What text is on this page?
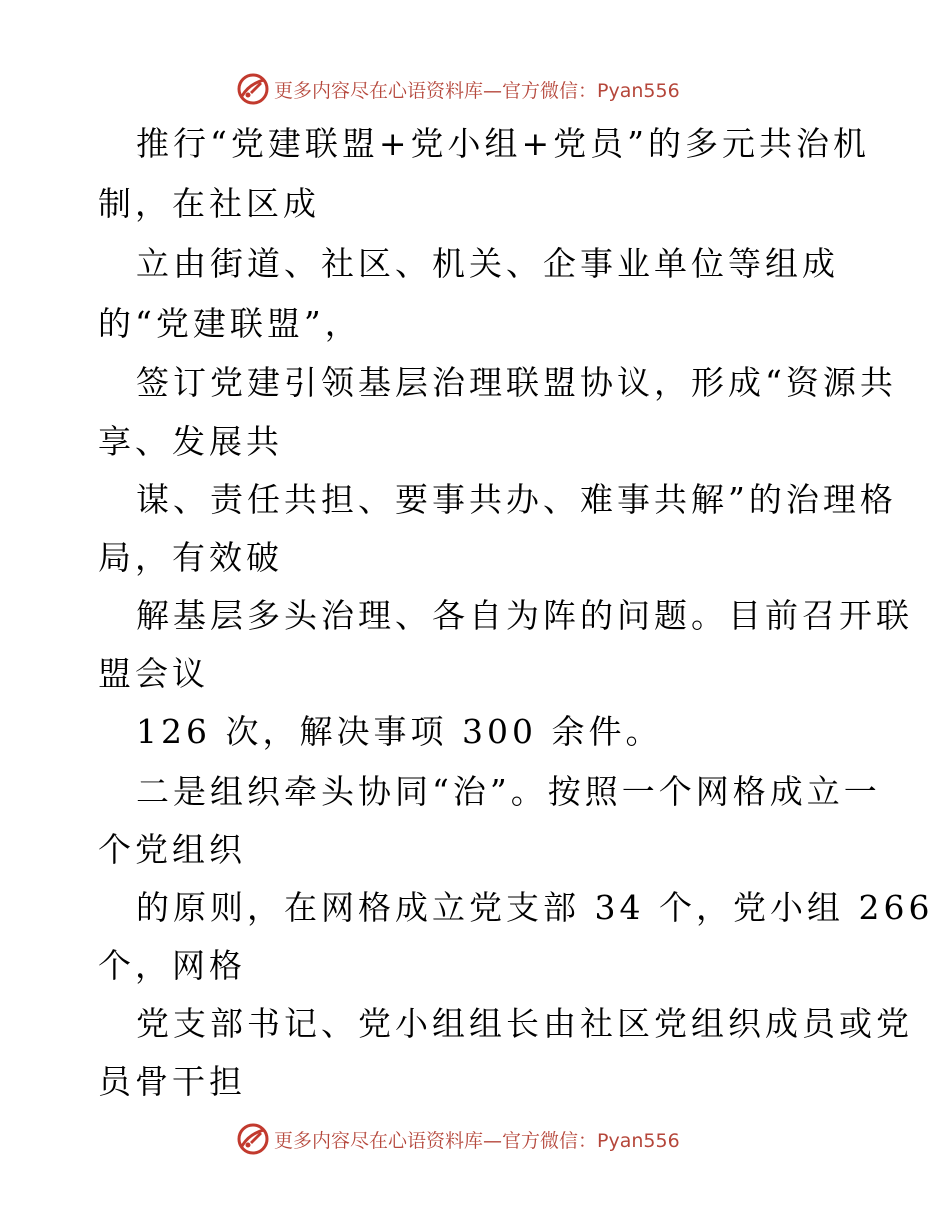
更多内容尽在心语资料库—官方微信：Pyan556
推行“党建联盟+党小组+党员”的多元共治机
制，在社区成
立由街道、社区、机关、企事业单位等组成
的“党建联盟”，
签订党建引领基层治理联盟协议，形成“资源共
享、发展共
谋、责任共担、要事共办、难事共解”的治理格
局，有效破
解基层多头治理、各自为阵的问题。目前召开联
盟会议
126 次，解决事项 300 余件。
二是组织牵头协同“治”。按照一个网格成立一
个党组织
的原则，在网格成立党支部 34 个，党小组 266
个，网格
党支部书记、党小组组长由社区党组织成员或党
员骨干担
更多内容尽在心语资料库—官方微信：Pyan556
